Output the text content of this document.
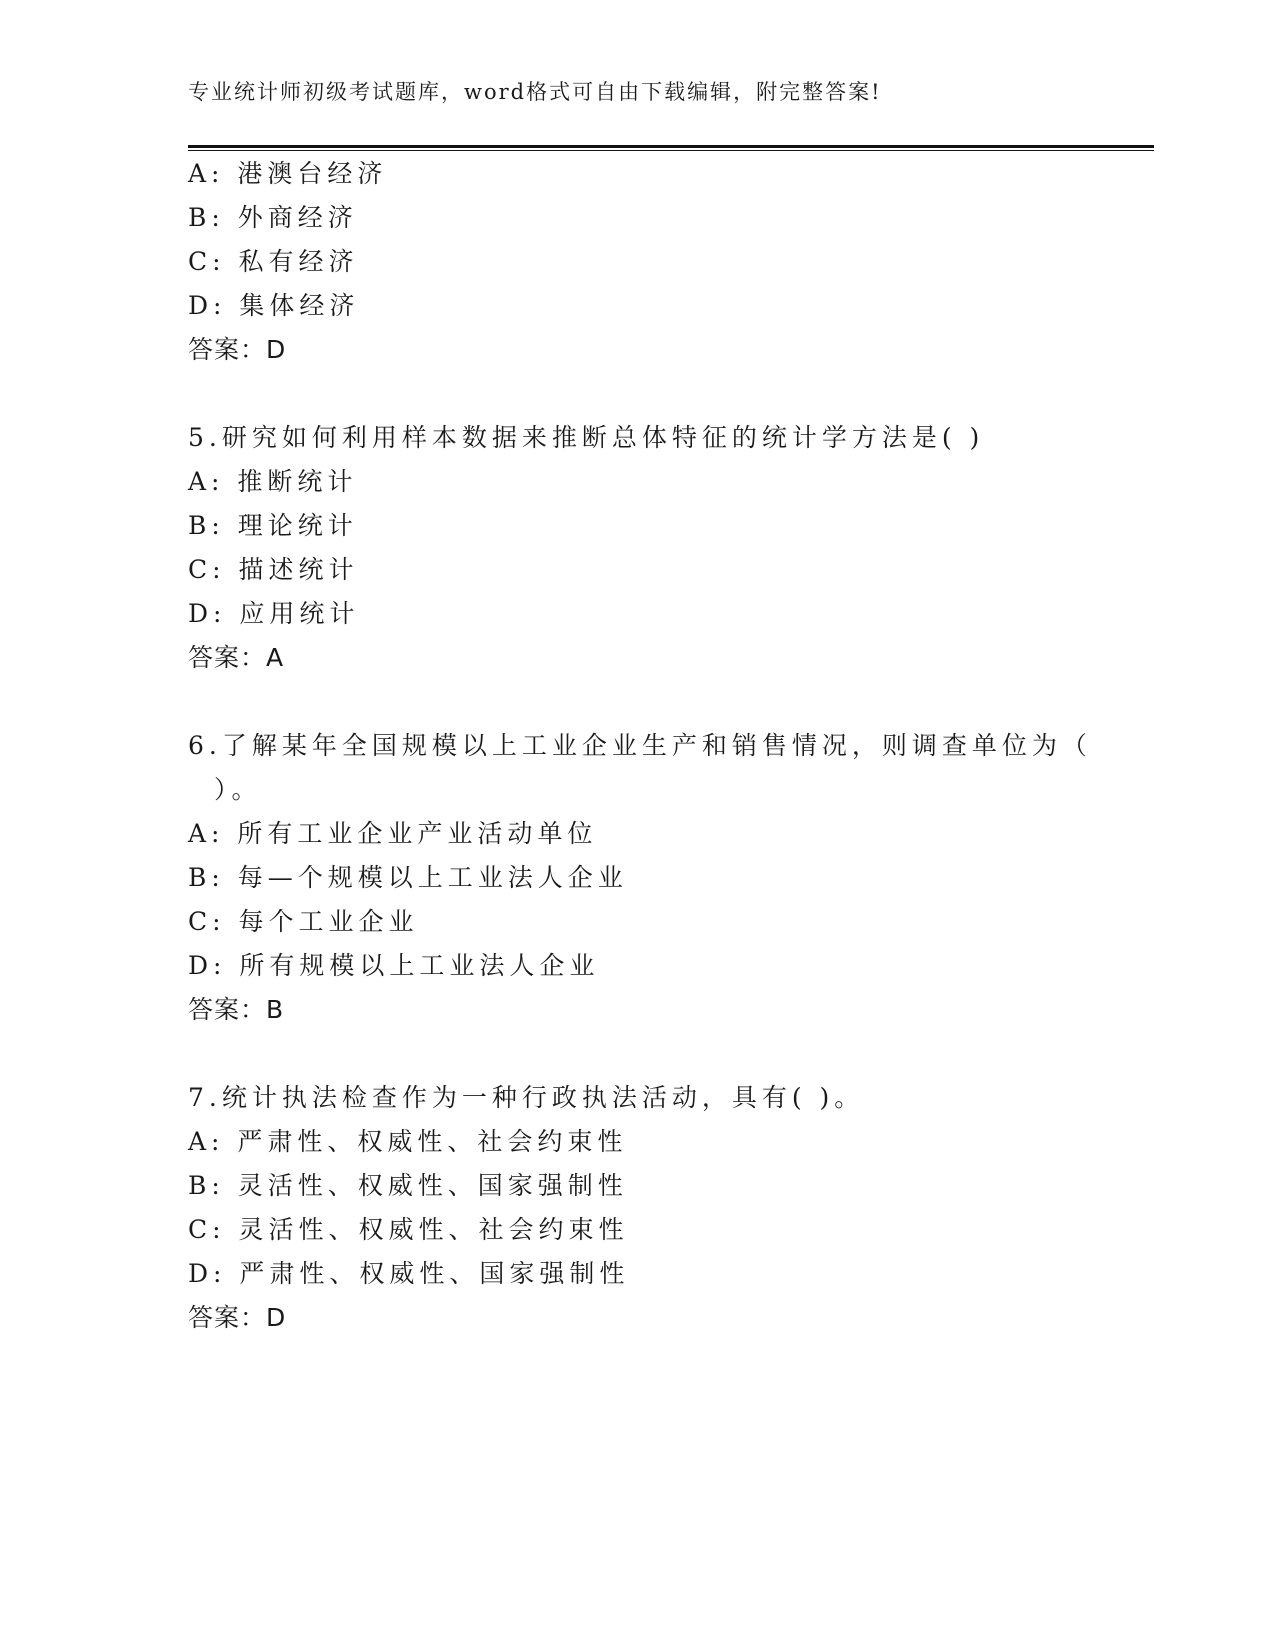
专业统计师初级考试题库，word格式可自由下载编辑，附完整答案!
A: 港澳台经济
B: 外商经济
C: 私有经济
D: 集体经济
答案：D
5.研究如何利用样本数据来推断总体特征的统计学方法是( )
A: 推断统计
B: 理论统计
C: 描述统计
D: 应用统计
答案：A
6.了解某年全国规模以上工业企业生产和销售情况，则调查单位为（
）。
A: 所有工业企业产业活动单位
B: 每—个规模以上工业法人企业
C: 每个工业企业
D: 所有规模以上工业法人企业
答案：B
7.统计执法检查作为一种行政执法活动，具有( )。
A: 严肃性、权威性、社会约束性
B: 灵活性、权威性、国家强制性
C: 灵活性、权威性、社会约束性
D: 严肃性、权威性、国家强制性
答案：D
